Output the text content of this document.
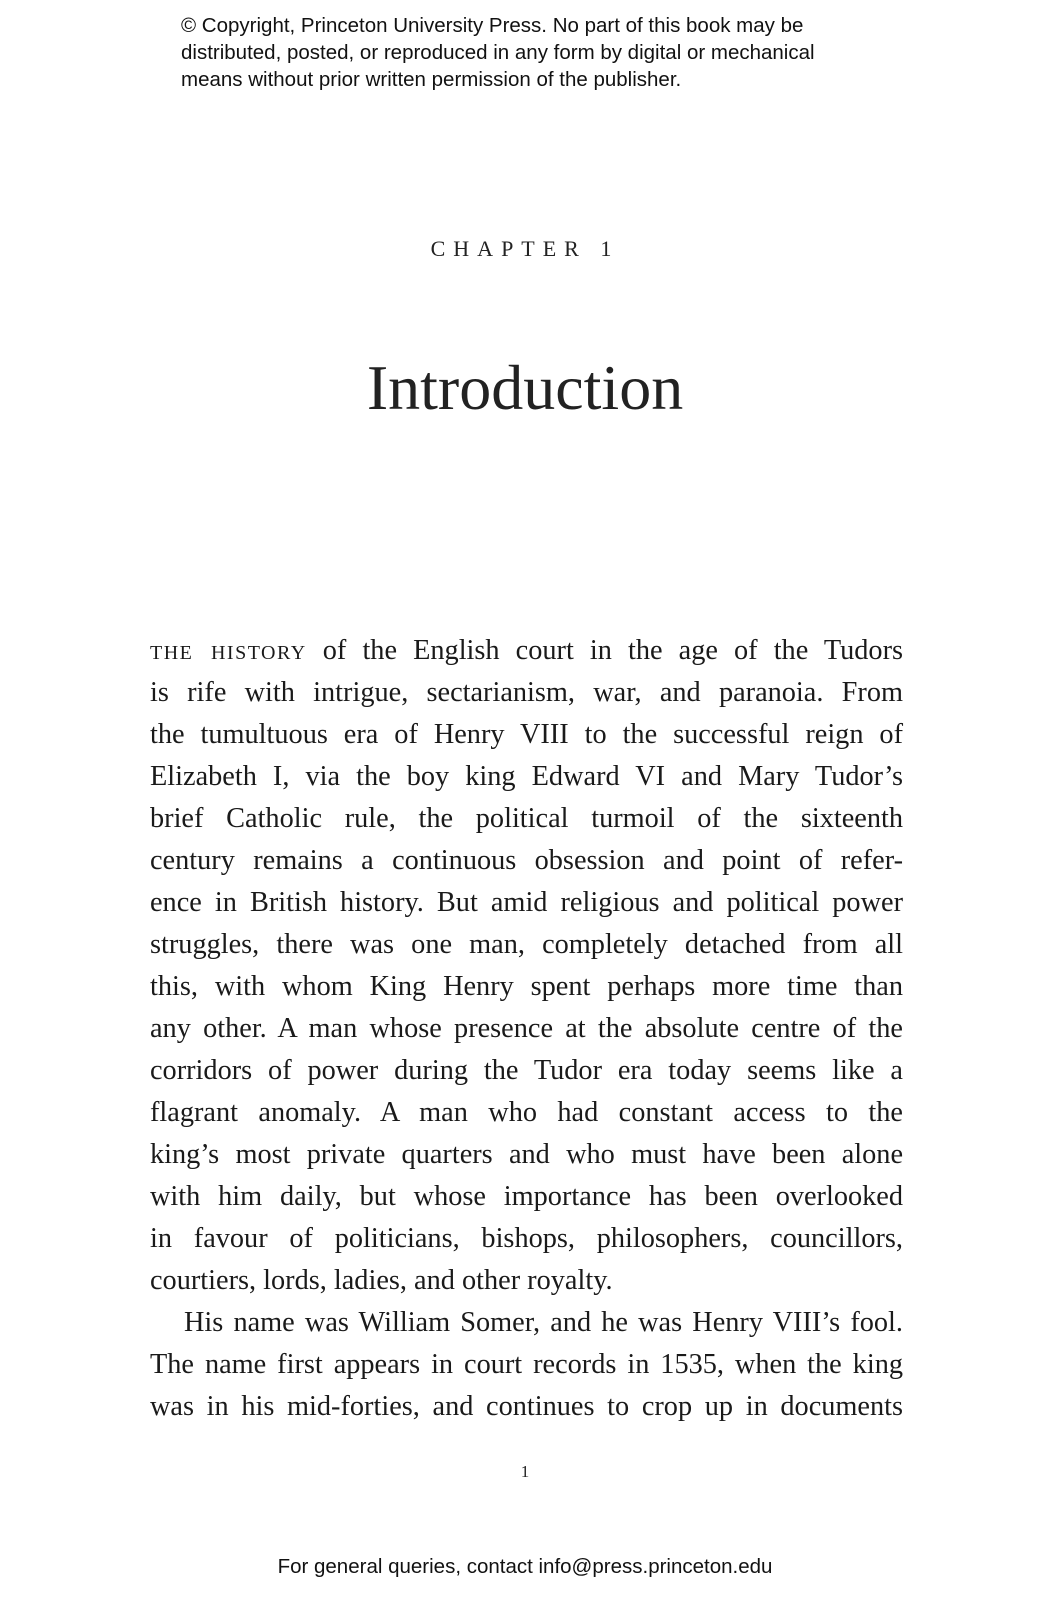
© Copyright, Princeton University Press. No part of this book may be
distributed, posted, or reproduced in any form by digital or mechanical
means without prior written permission of the publisher.
CHAPTER 1
Introduction
the history of the English court in the age of the Tudors
is rife with intrigue, sectarianism, war, and paranoia. From
the tumultuous era of Henry VIII to the successful reign of
Elizabeth I, via the boy king Edward VI and Mary Tudor’s
brief Catholic rule, the political turmoil of the sixteenth
century remains a continuous obsession and point of refer-
ence in British history. But amid religious and political power
struggles, there was one man, completely detached from all
this, with whom King Henry spent perhaps more time than
any other. A man whose presence at the absolute centre of the
corridors of power during the Tudor era today seems like a
flagrant anomaly. A man who had constant access to the
king’s most private quarters and who must have been alone
with him daily, but whose importance has been overlooked
in favour of politicians, bishops, philosophers, councillors,
courtiers, lords, ladies, and other royalty.
His name was William Somer, and he was Henry VIII’s fool.
The name first appears in court records in 1535, when the king
was in his mid-forties, and continues to crop up in documents
1
For general queries, contact info@press.princeton.edu
